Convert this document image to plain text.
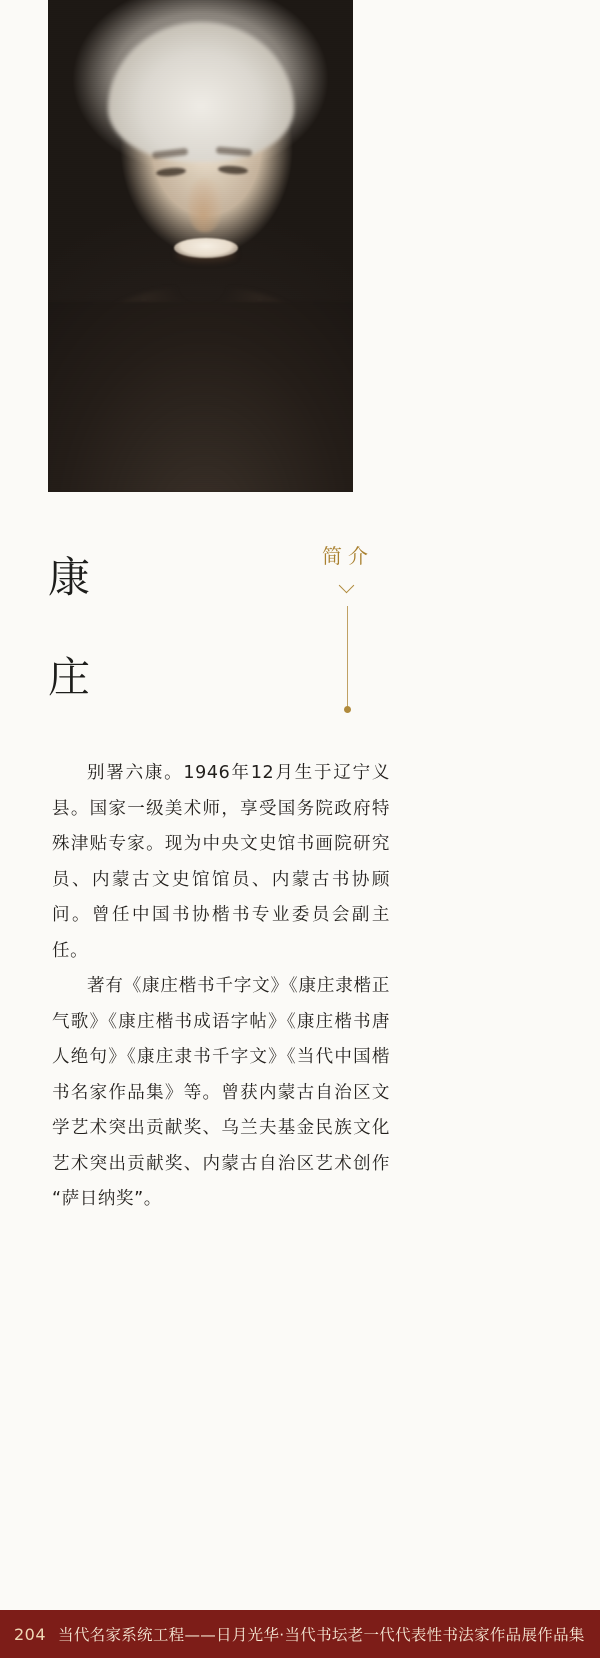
康
庄
简介

别署六康。1946年12月生于辽宁义县。国家一级美术师，享受国务院政府特殊津贴专家。现为中央文史馆书画院研究员、内蒙古文史馆馆员、内蒙古书协顾问。曾任中国书协楷书专业委员会副主任。

著有《康庄楷书千字文》《康庄隶楷正气歌》《康庄楷书成语字帖》《康庄楷书唐人绝句》《康庄隶书千字文》《当代中国楷书名家作品集》等。曾获内蒙古自治区文学艺术突出贡献奖、乌兰夫基金民族文化艺术突出贡献奖、内蒙古自治区艺术创作“萨日纳奖”。

204 当代名家系统工程——日月光华·当代书坛老一代代表性书法家作品展作品集
